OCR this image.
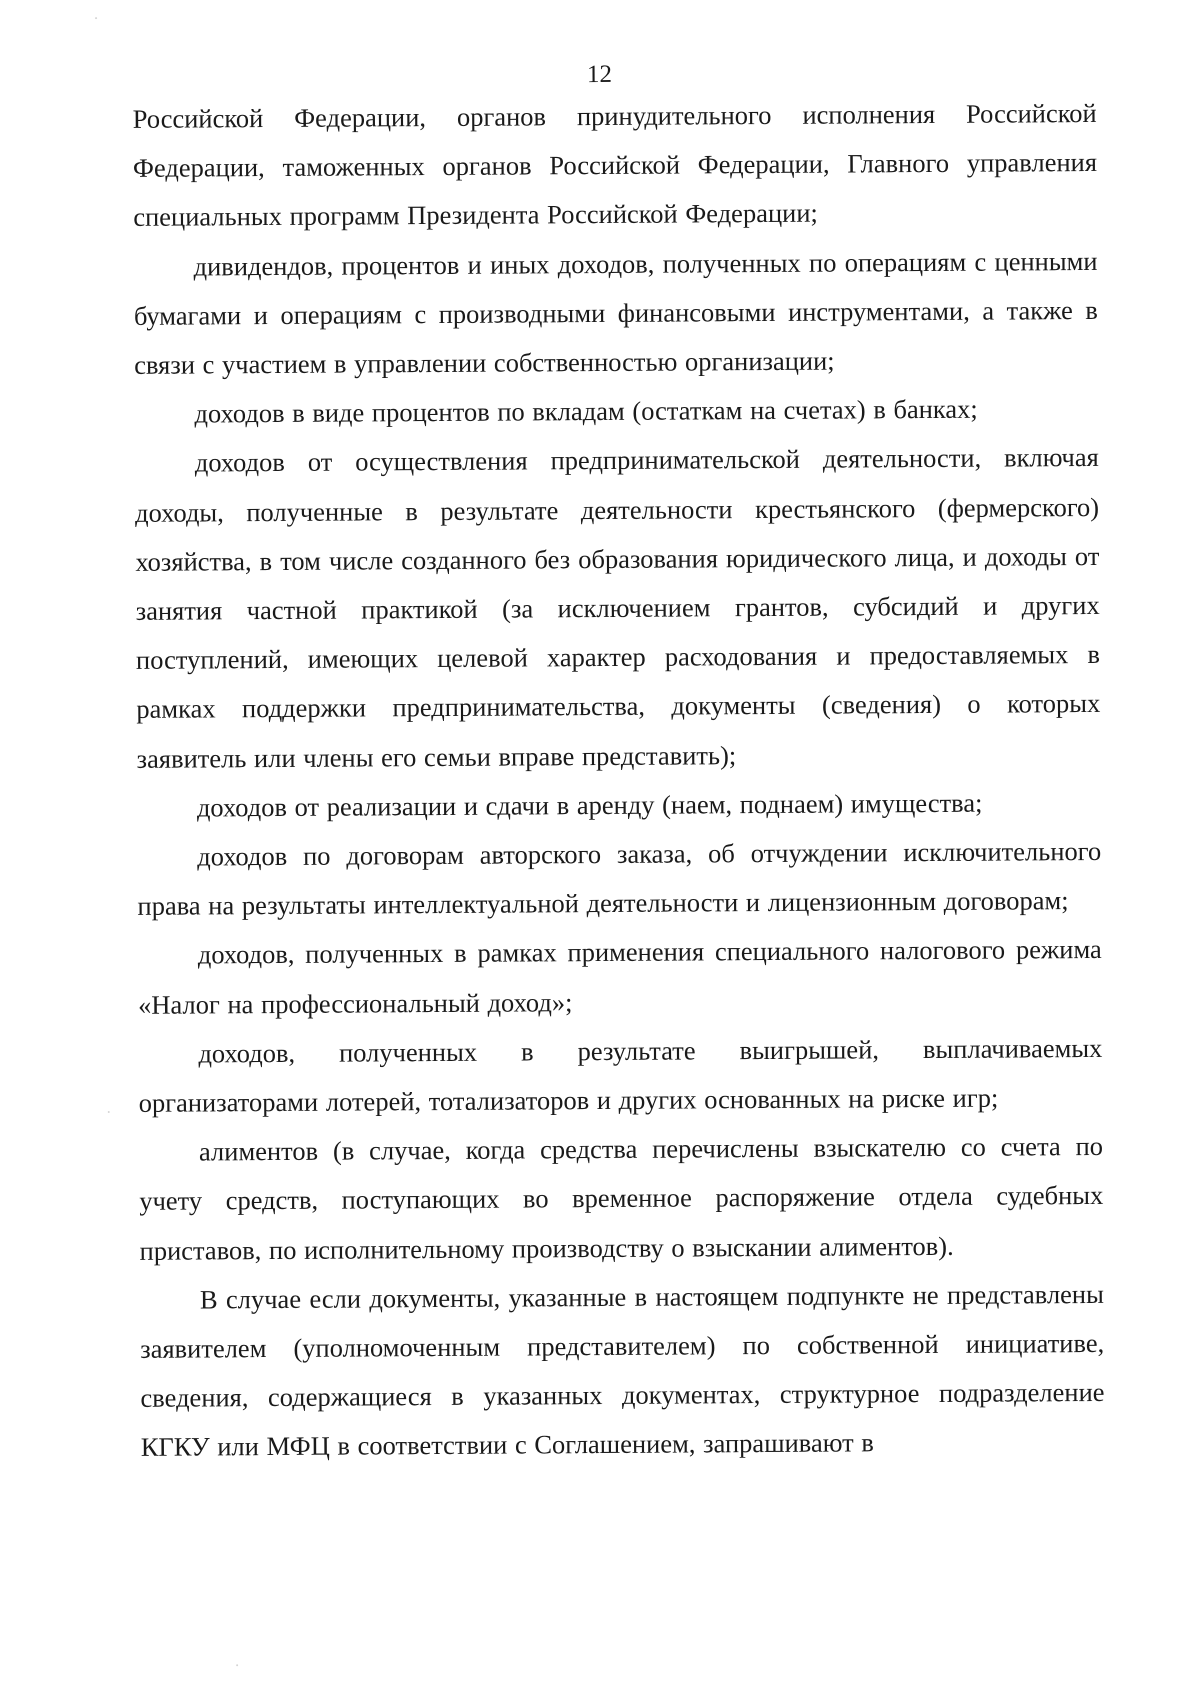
12

Российской Федерации, органов принудительного исполнения Российской Федерации, таможенных органов Российской Федерации, Главного управления специальных программ Президента Российской Федерации;

дивидендов, процентов и иных доходов, полученных по операциям с ценными бумагами и операциям с производными финансовыми инструментами, а также в связи с участием в управлении собственностью организации;

доходов в виде процентов по вкладам (остаткам на счетах) в банках;

доходов от осуществления предпринимательской деятельности, включая доходы, полученные в результате деятельности крестьянского (фермерского) хозяйства, в том числе созданного без образования юридического лица, и доходы от занятия частной практикой (за исключением грантов, субсидий и других поступлений, имеющих целевой характер расходования и предоставляемых в рамках поддержки предпринимательства, документы (сведения) о которых заявитель или члены его семьи вправе представить);

доходов от реализации и сдачи в аренду (наем, поднаем) имущества;

доходов по договорам авторского заказа, об отчуждении исключительного права на результаты интеллектуальной деятельности и лицензионным договорам;

доходов, полученных в рамках применения специального налогового режима «Налог на профессиональный доход»;

доходов, полученных в результате выигрышей, выплачиваемых организаторами лотерей, тотализаторов и других основанных на риске игр;

алиментов (в случае, когда средства перечислены взыскателю со счета по учету средств, поступающих во временное распоряжение отдела судебных приставов, по исполнительному производству о взыскании алиментов).

В случае если документы, указанные в настоящем подпункте не представлены заявителем (уполномоченным представителем) по собственной инициативе, сведения, содержащиеся в указанных документах, структурное подразделение КГКУ или МФЦ в соответствии с Соглашением, запрашивают в
